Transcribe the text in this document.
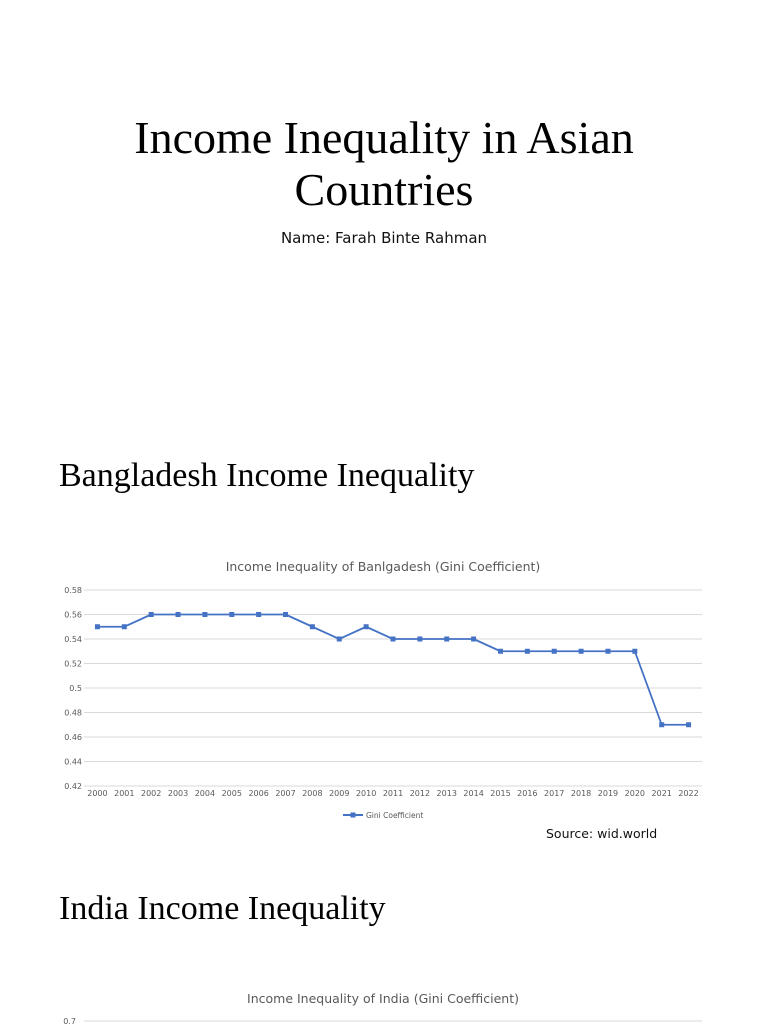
Income Inequality in Asian Countries
Name: Farah Binte Rahman
Bangladesh Income Inequality
Income Inequality of Banlgadesh (Gini Coefficient)
0.42
0.44
0.46
0.48
0.5
0.52
0.54
0.56
0.58
2000 2001 2002 2003 2004 2005 2006 2007 2008 2009 2010 2011 2012 2013 2014 2015 2016 2017 2018 2019 2020 2021 2022
Gini Coefficient
Source: wid.world
India Income Inequality
Income Inequality of India (Gini Coefficient)
0.7
